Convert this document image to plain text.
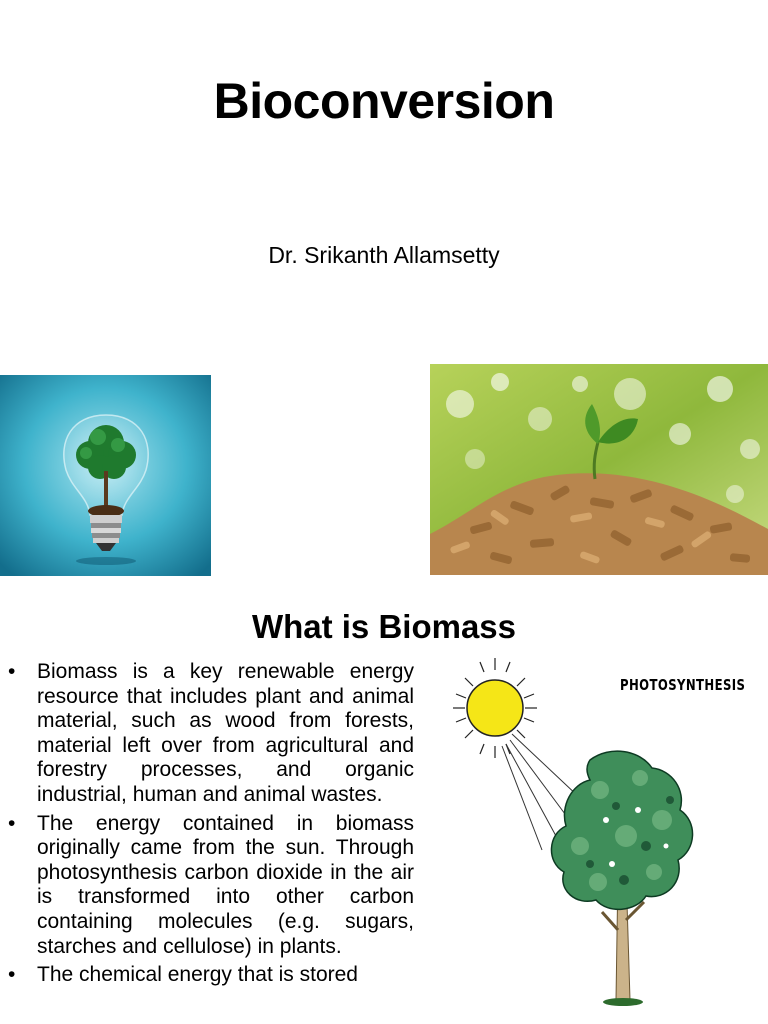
Bioconversion
Dr. Srikanth Allamsetty
What is Biomass
• Biomass is a key renewable energy resource that includes plant and animal material, such as wood from forests, material left over from agricultural and forestry processes, and organic industrial, human and animal wastes.
• The energy contained in biomass originally came from the sun. Through photosynthesis carbon dioxide in the air is transformed into other carbon containing molecules (e.g. sugars, starches and cellulose) in plants.
• The chemical energy that is stored
PHOTOSYNTHESIS
